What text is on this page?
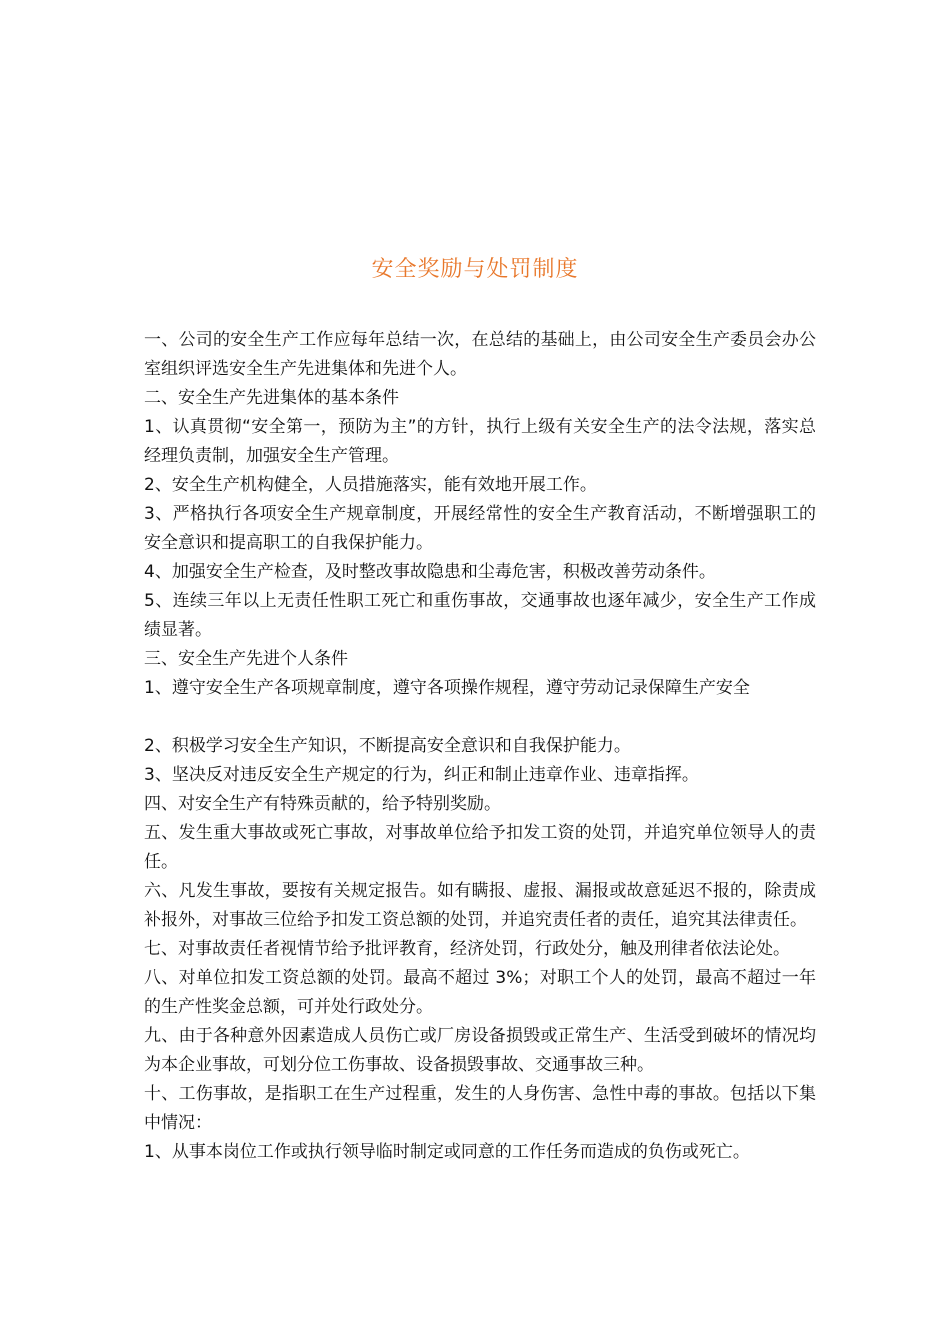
安全奖励与处罚制度

一、公司的安全生产工作应每年总结一次，在总结的基础上，由公司安全生产委员会办公室组织评选安全生产先进集体和先进个人。

二、安全生产先进集体的基本条件

1、认真贯彻“安全第一，预防为主”的方针，执行上级有关安全生产的法令法规，落实总经理负责制，加强安全生产管理。

2、安全生产机构健全，人员措施落实，能有效地开展工作。

3、严格执行各项安全生产规章制度，开展经常性的安全生产教育活动，不断增强职工的安全意识和提高职工的自我保护能力。

4、加强安全生产检查，及时整改事故隐患和尘毒危害，积极改善劳动条件。

5、连续三年以上无责任性职工死亡和重伤事故，交通事故也逐年减少，安全生产工作成绩显著。

三、安全生产先进个人条件

1、遵守安全生产各项规章制度，遵守各项操作规程，遵守劳动记录保障生产安全

2、积极学习安全生产知识，不断提高安全意识和自我保护能力。

3、坚决反对违反安全生产规定的行为，纠正和制止违章作业、违章指挥。

四、对安全生产有特殊贡献的，给予特别奖励。

五、发生重大事故或死亡事故，对事故单位给予扣发工资的处罚，并追究单位领导人的责任。

六、凡发生事故，要按有关规定报告。如有瞒报、虚报、漏报或故意延迟不报的，除责成补报外，对事故三位给予扣发工资总额的处罚，并追究责任者的责任，追究其法律责任。

七、对事故责任者视情节给予批评教育，经济处罚，行政处分，触及刑律者依法论处。

八、对单位扣发工资总额的处罚。最高不超过 3%；对职工个人的处罚，最高不超过一年的生产性奖金总额，可并处行政处分。

九、由于各种意外因素造成人员伤亡或厂房设备损毁或正常生产、生活受到破坏的情况均为本企业事故，可划分位工伤事故、设备损毁事故、交通事故三种。

十、工伤事故，是指职工在生产过程重，发生的人身伤害、急性中毒的事故。包括以下集中情况：

1、从事本岗位工作或执行领导临时制定或同意的工作任务而造成的负伤或死亡。
